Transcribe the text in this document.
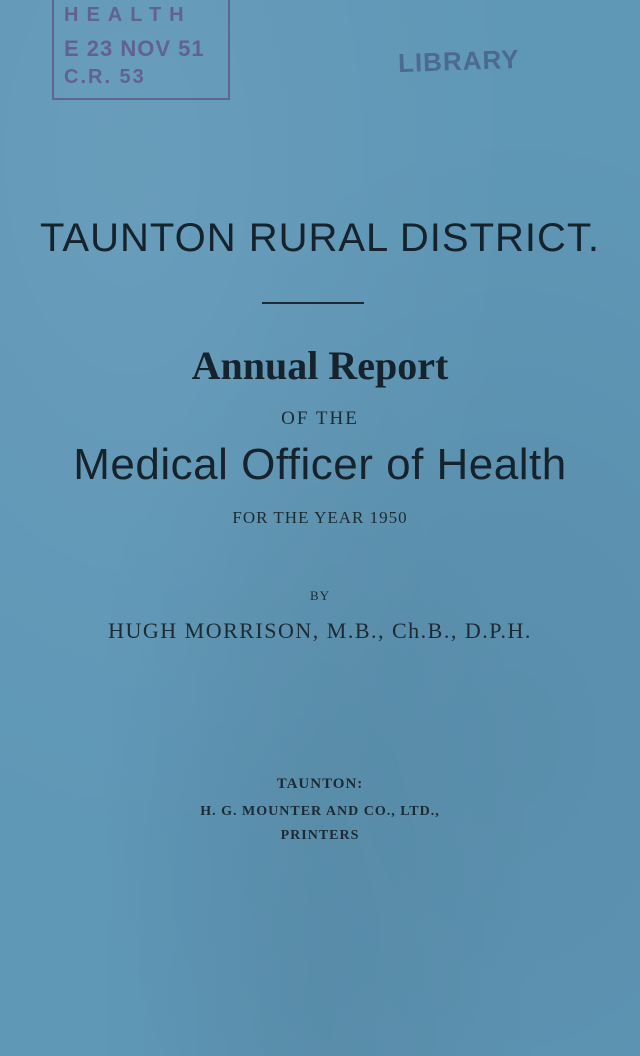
HEALTH
E 23 NOV 51
C.R. 53	LIBRARY
TAUNTON RURAL DISTRICT.
Annual Report
OF THE
Medical Officer of Health
FOR THE YEAR 1950
BY
HUGH MORRISON, M.B., Ch.B., D.P.H.
TAUNTON:
H. G. MOUNTER AND CO., LTD.,
PRINTERS
